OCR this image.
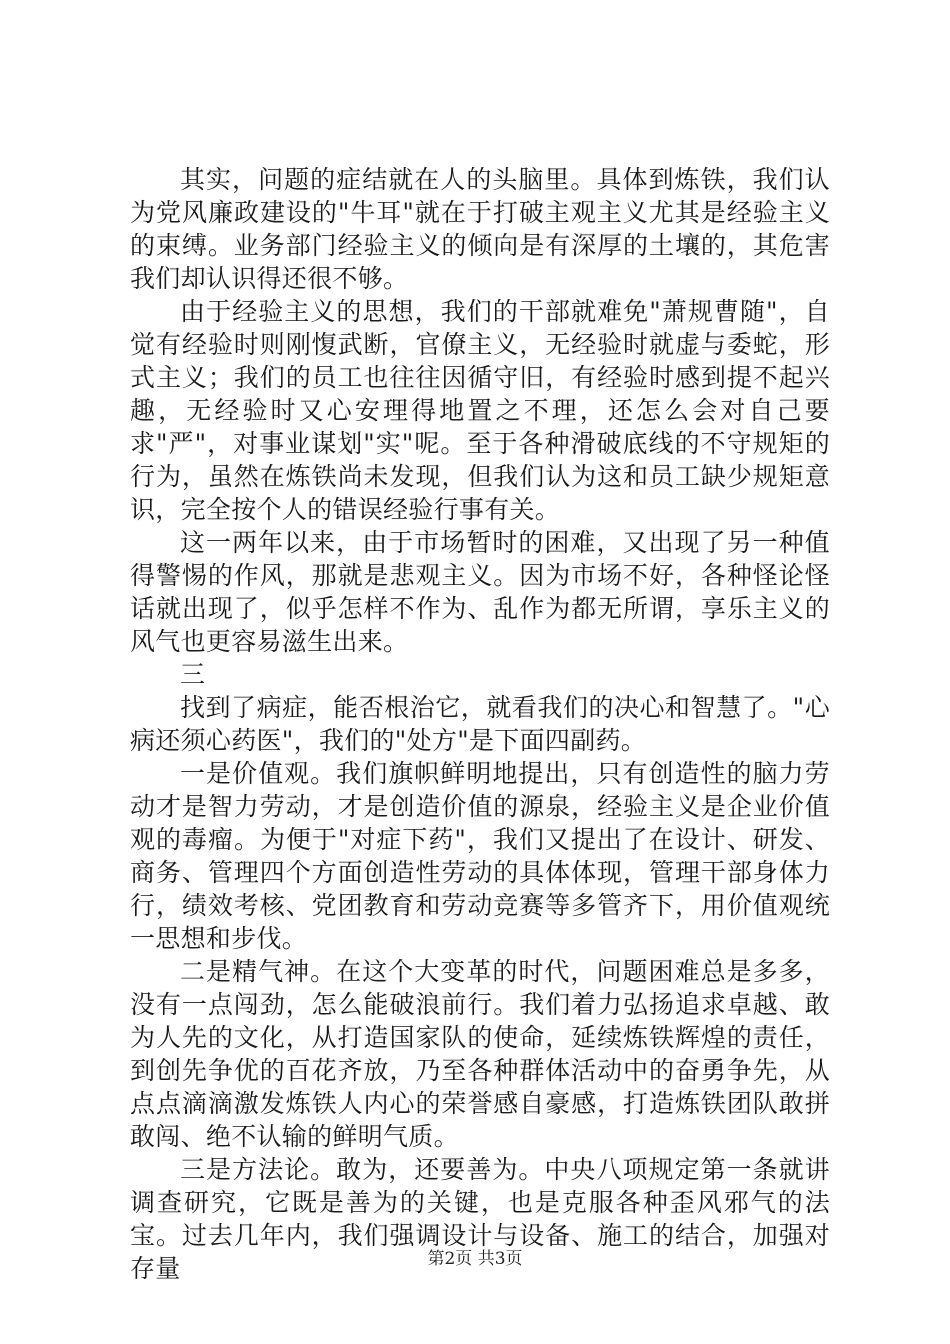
其实，问题的症结就在人的头脑里。具体到炼铁，我们认为党风廉政建设的"牛耳"就在于打破主观主义尤其是经验主义的束缚。业务部门经验主义的倾向是有深厚的土壤的，其危害我们却认识得还很不够。

由于经验主义的思想，我们的干部就难免"萧规曹随"，自觉有经验时则刚愎武断，官僚主义，无经验时就虚与委蛇，形式主义；我们的员工也往往因循守旧，有经验时感到提不起兴趣，无经验时又心安理得地置之不理，还怎么会对自己要求"严"，对事业谋划"实"呢。至于各种滑破底线的不守规矩的行为，虽然在炼铁尚未发现，但我们认为这和员工缺少规矩意识，完全按个人的错误经验行事有关。

这一两年以来，由于市场暂时的困难，又出现了另一种值得警惕的作风，那就是悲观主义。因为市场不好，各种怪论怪话就出现了，似乎怎样不作为、乱作为都无所谓，享乐主义的风气也更容易滋生出来。

三

找到了病症，能否根治它，就看我们的决心和智慧了。"心病还须心药医"，我们的"处方"是下面四副药。

一是价值观。我们旗帜鲜明地提出，只有创造性的脑力劳动才是智力劳动，才是创造价值的源泉，经验主义是企业价值观的毒瘤。为便于"对症下药"，我们又提出了在设计、研发、商务、管理四个方面创造性劳动的具体体现，管理干部身体力行，绩效考核、党团教育和劳动竞赛等多管齐下，用价值观统一思想和步伐。

二是精气神。在这个大变革的时代，问题困难总是多多，没有一点闯劲，怎么能破浪前行。我们着力弘扬追求卓越、敢为人先的文化，从打造国家队的使命，延续炼铁辉煌的责任，到创先争优的百花齐放，乃至各种群体活动中的奋勇争先，从点点滴滴激发炼铁人内心的荣誉感自豪感，打造炼铁团队敢拼敢闯、绝不认输的鲜明气质。

三是方法论。敢为，还要善为。中央八项规定第一条就讲调查研究，它既是善为的关键，也是克服各种歪风邪气的法宝。过去几年内，我们强调设计与设备、施工的结合，加强对存量	第2页 共3页
